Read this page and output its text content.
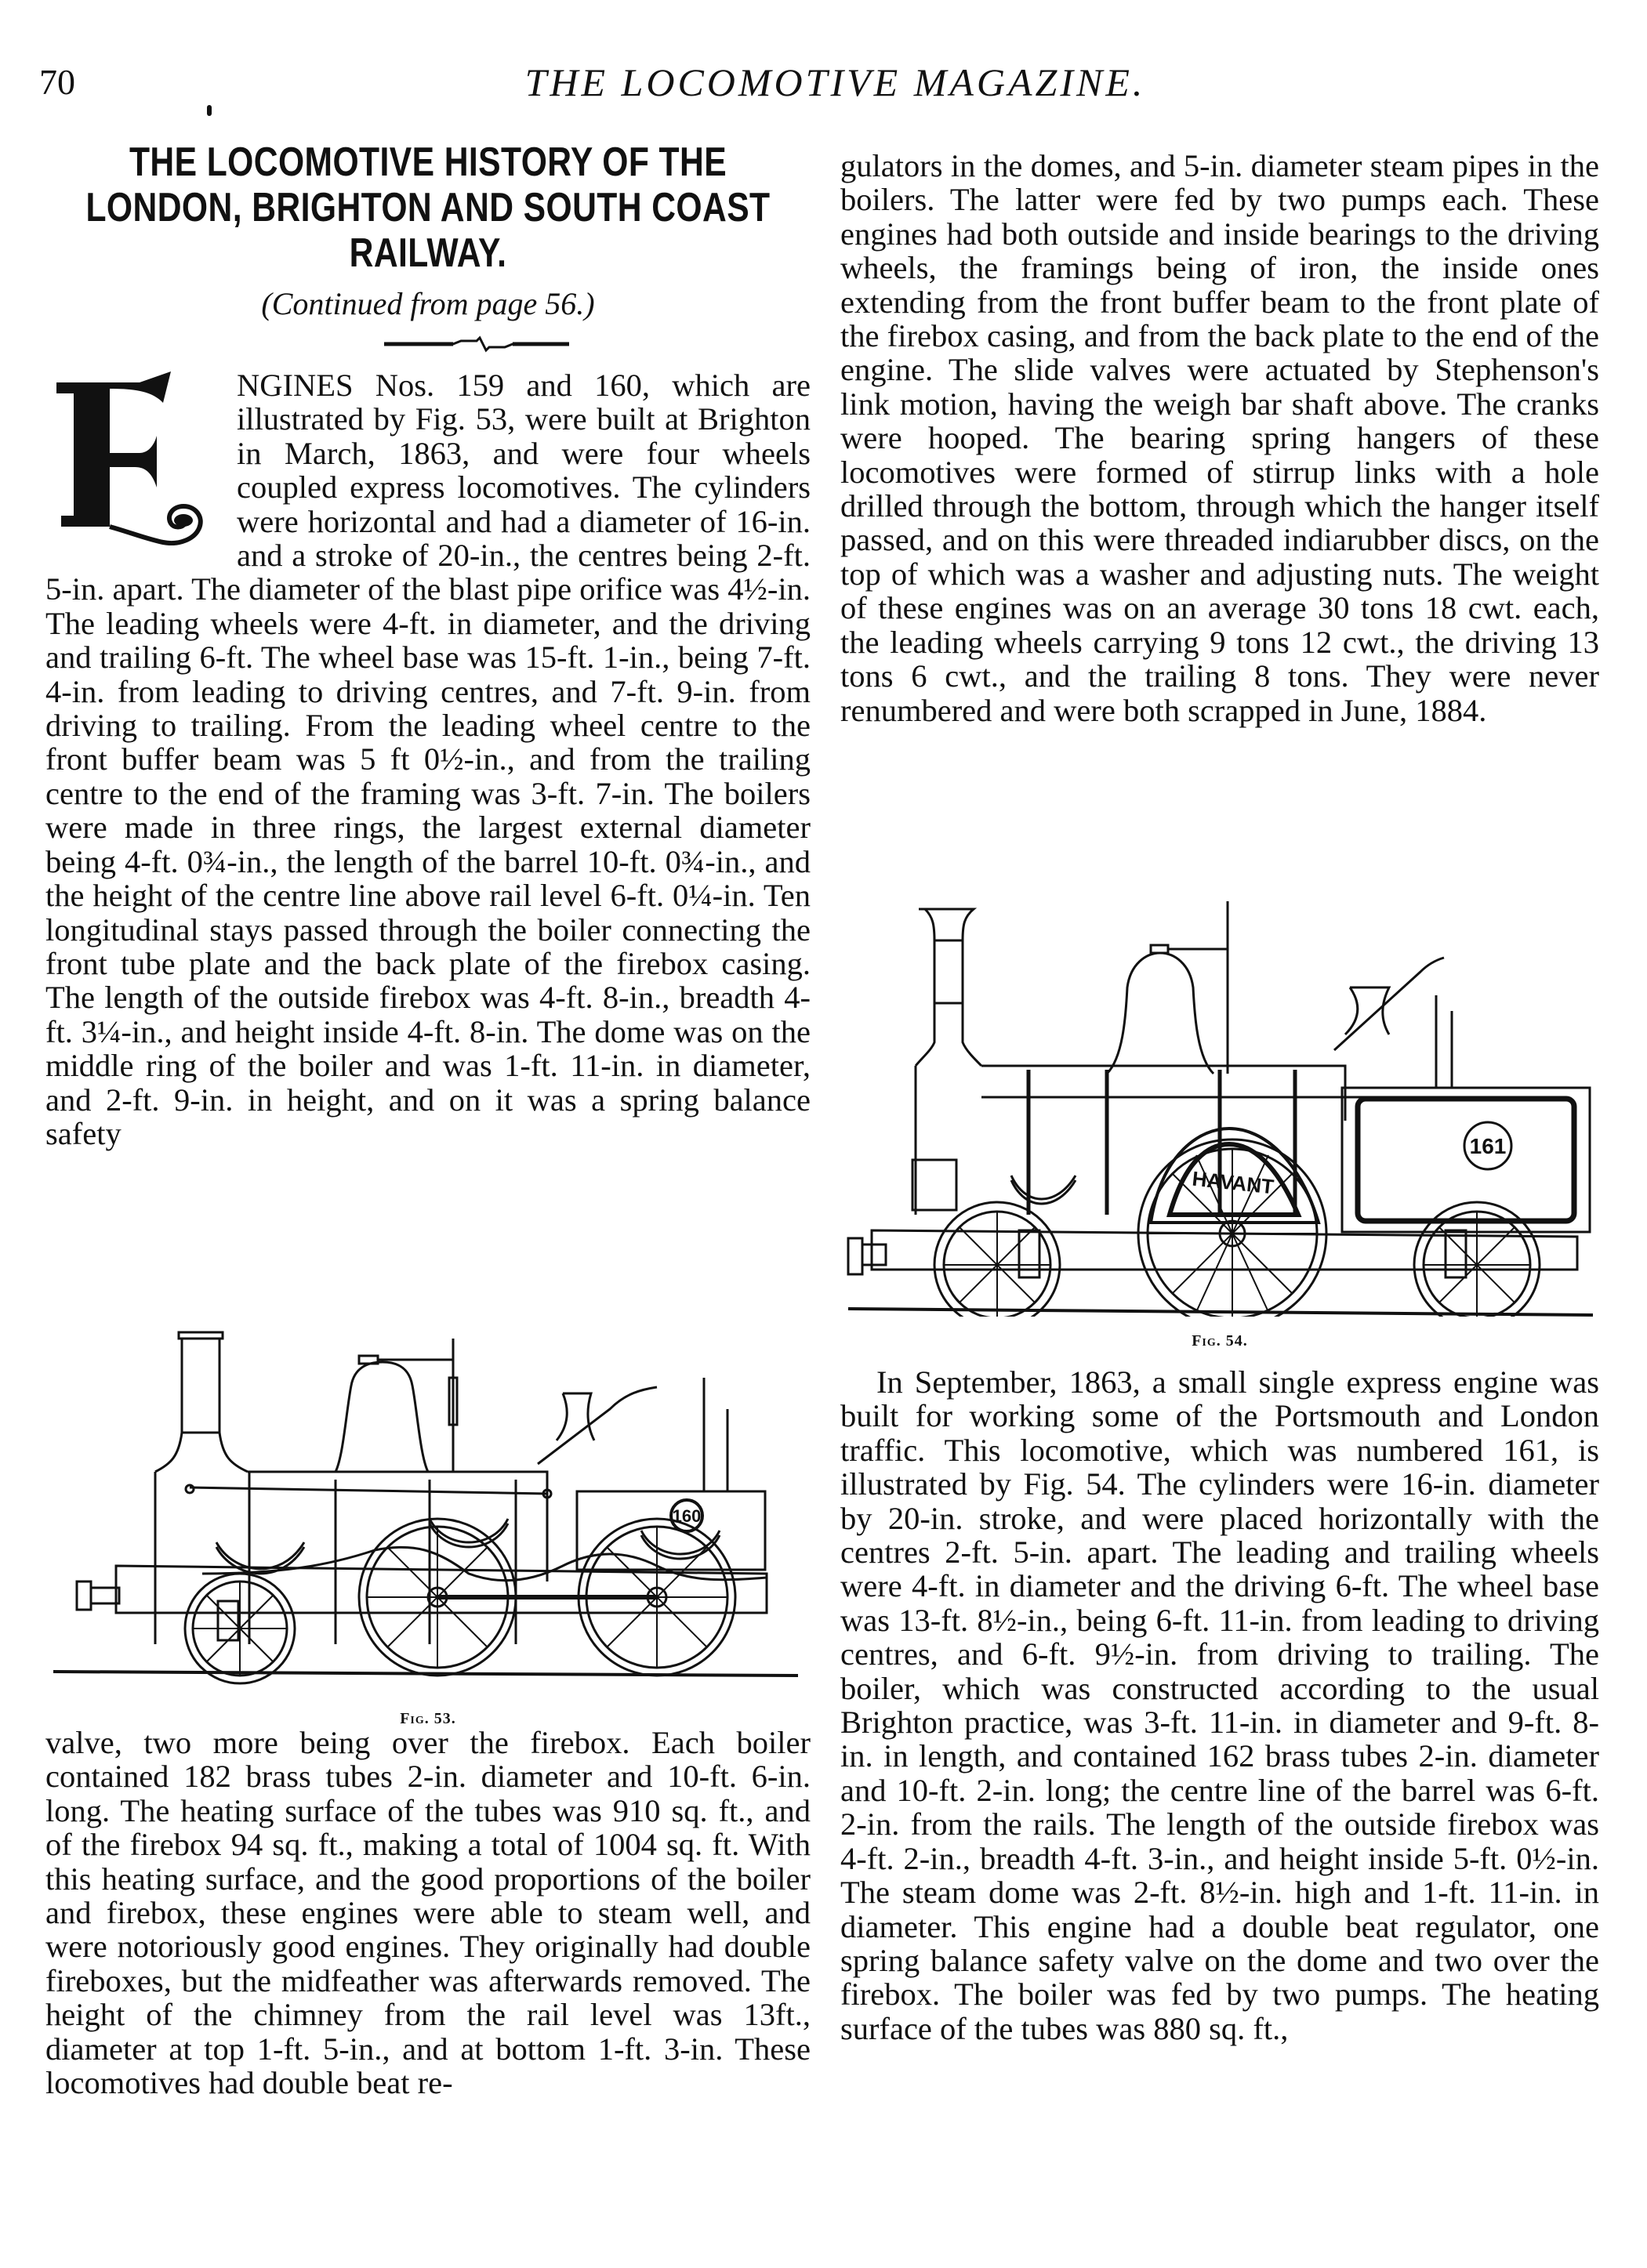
70	THE LOCOMOTIVE MAGAZINE.
THE LOCOMOTIVE HISTORY OF THE
LONDON, BRIGHTON AND SOUTH COAST
RAILWAY.
(Continued from page 56.)

NGINES Nos. 159 and 160, which are illustrated by Fig. 53, were built at Brighton in March, 1863, and were four wheels coupled express locomotives. The cylinders were horizontal and had a diameter of 16-in. and a stroke of 20-in., the centres being 2-ft. 5-in. apart. The diameter of the blast pipe orifice was 4½-in. The leading wheels were 4-ft. in diameter, and the driving and trailing 6-ft. The wheel base was 15-ft. 1-in., being 7-ft. 4-in. from leading to driving centres, and 7-ft. 9-in. from driving to trailing. From the leading wheel centre to the front buffer beam was 5 ft 0½-in., and from the trailing centre to the end of the framing was 3-ft. 7-in. The boilers were made in three rings, the largest external diameter being 4-ft. 0¾-in., the length of the barrel 10-ft. 0¾-in., and the height of the centre line above rail level 6-ft. 0¼-in. Ten longitudinal stays passed through the boiler connecting the front tube plate and the back plate of the firebox casing. The length of the outside firebox was 4-ft. 8-in., breadth 4-ft. 3¼-in., and height inside 4-ft. 8-in. The dome was on the middle ring of the boiler and was 1-ft. 11-in. in diameter, and 2-ft. 9-in. in height, and on it was a spring balance safety

160
Fig. 53.

valve, two more being over the firebox. Each boiler contained 182 brass tubes 2-in. diameter and 10-ft. 6-in. long. The heating surface of the tubes was 910 sq. ft., and of the firebox 94 sq. ft., making a total of 1004 sq. ft. With this heating surface, and the good proportions of the boiler and firebox, these engines were able to steam well, and were notoriously good engines. They originally had double fireboxes, but the midfeather was afterwards removed. The height of the chimney from the rail level was 13ft., diameter at top 1-ft. 5-in., and at bottom 1-ft. 3-in. These locomotives had double beat re-

gulators in the domes, and 5-in. diameter steam pipes in the boilers. The latter were fed by two pumps each. These engines had both outside and inside bearings to the driving wheels, the framings being of iron, the inside ones extending from the front buffer beam to the front plate of the firebox casing, and from the back plate to the end of the engine. The slide valves were actuated by Stephenson's link motion, having the weigh bar shaft above. The cranks were hooped. The bearing spring hangers of these locomotives were formed of stirrup links with a hole drilled through the bottom, through which the hanger itself passed, and on this were threaded indiarubber discs, on the top of which was a washer and adjusting nuts. The weight of these engines was on an average 30 tons 18 cwt. each, the leading wheels carrying 9 tons 12 cwt., the driving 13 tons 6 cwt., and the trailing 8 tons. They were never renumbered and were both scrapped in June, 1884.

HAVANT
161
Fig. 54.

In September, 1863, a small single express engine was built for working some of the Portsmouth and London traffic. This locomotive, which was numbered 161, is illustrated by Fig. 54. The cylinders were 16-in. diameter by 20-in. stroke, and were placed horizontally with the centres 2-ft. 5-in. apart. The leading and trailing wheels were 4-ft. in diameter and the driving 6-ft. The wheel base was 13-ft. 8½-in., being 6-ft. 11-in. from leading to driving centres, and 6-ft. 9½-in. from driving to trailing. The boiler, which was constructed according to the usual Brighton practice, was 3-ft. 11-in. in diameter and 9-ft. 8-in. in length, and contained 162 brass tubes 2-in. diameter and 10-ft. 2-in. long; the centre line of the barrel was 6-ft. 2-in. from the rails. The length of the outside firebox was 4-ft. 2-in., breadth 4-ft. 3-in., and height inside 5-ft. 0½-in. The steam dome was 2-ft. 8½-in. high and 1-ft. 11-in. in diameter. This engine had a double beat regulator, one spring balance safety valve on the dome and two over the firebox. The boiler was fed by two pumps. The heating surface of the tubes was 880 sq. ft.,
